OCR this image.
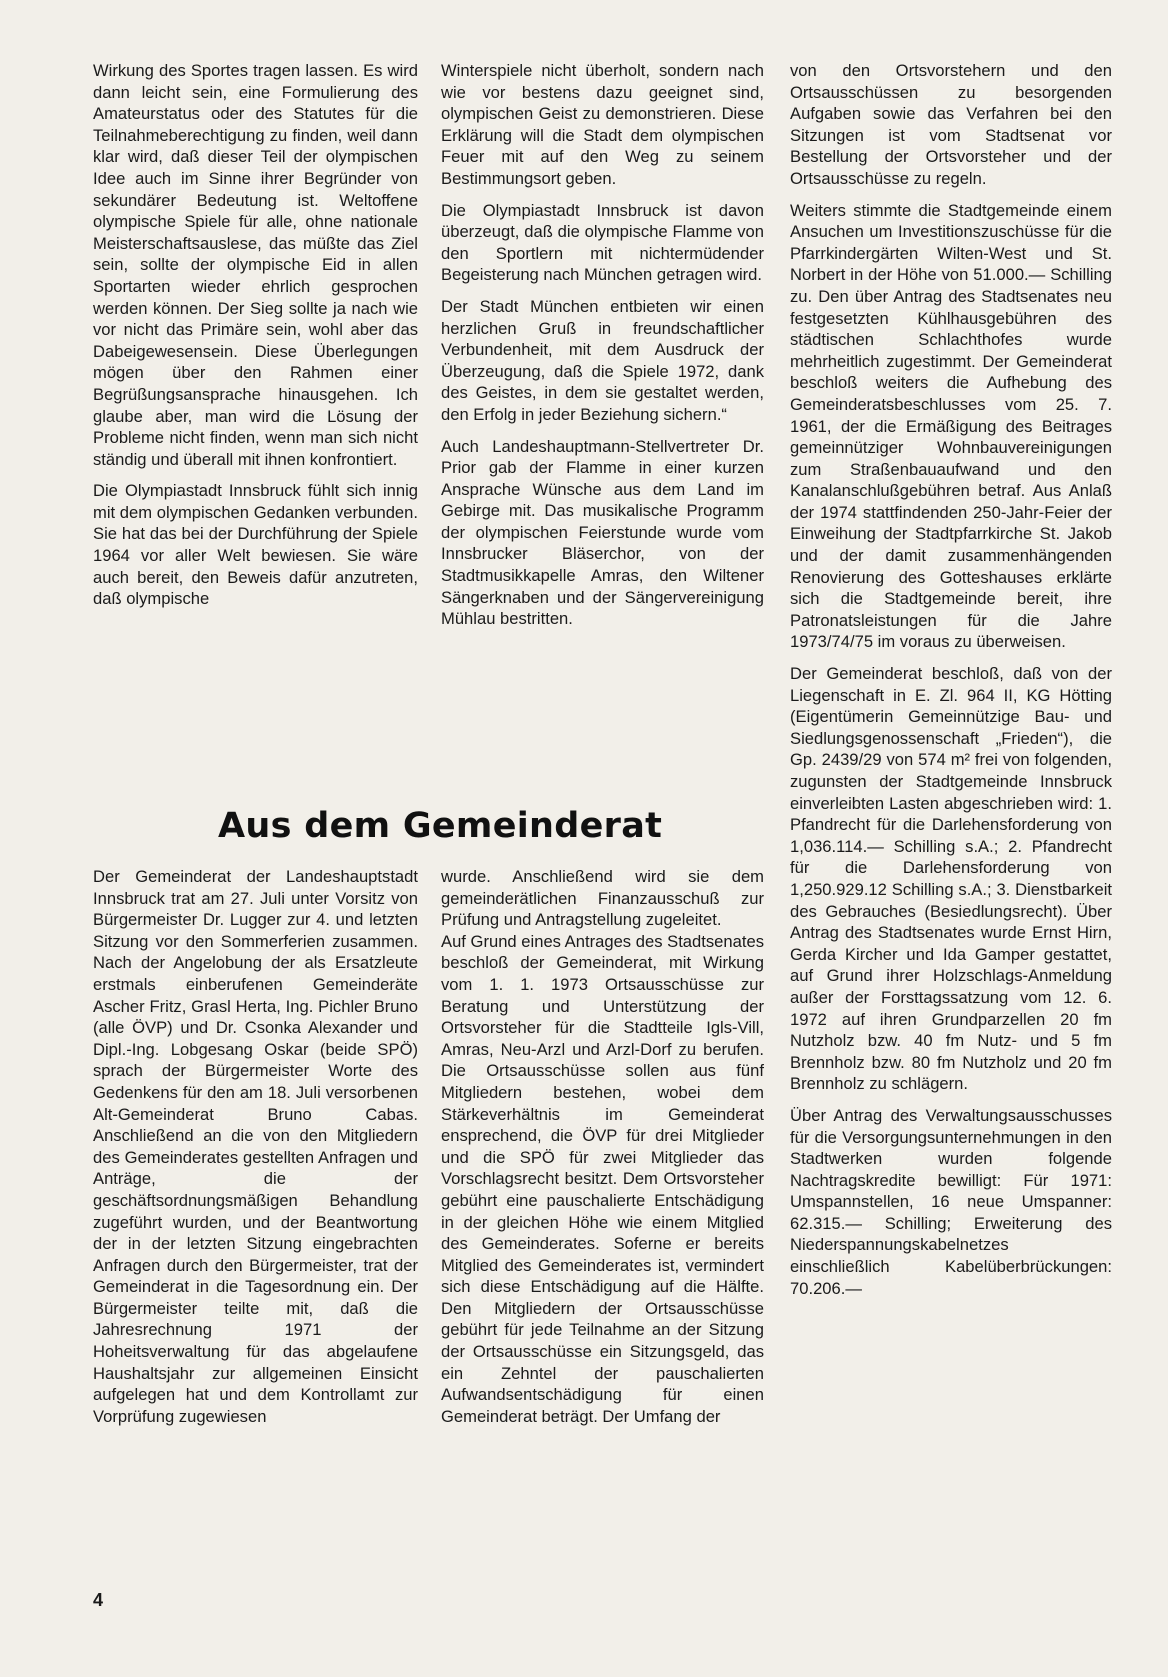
Wirkung des Sportes tragen lassen. Es wird dann leicht sein, eine Formulierung des Amateurstatus oder des Statutes für die Teilnahmeberechtigung zu finden, weil dann klar wird, daß dieser Teil der olympischen Idee auch im Sinne ihrer Begründer von sekundärer Bedeutung ist. Weltoffene olympische Spiele für alle, ohne nationale Meisterschaftsauslese, das müßte das Ziel sein, sollte der olympische Eid in allen Sportarten wieder ehrlich gesprochen werden können. Der Sieg sollte ja nach wie vor nicht das Primäre sein, wohl aber das Dabeigewesensein. Diese Überlegungen mögen über den Rahmen einer Begrüßungsansprache hinausgehen. Ich glaube aber, man wird die Lösung der Probleme nicht finden, wenn man sich nicht ständig und überall mit ihnen konfrontiert.

Die Olympiastadt Innsbruck fühlt sich innig mit dem olympischen Gedanken verbunden. Sie hat das bei der Durchführung der Spiele 1964 vor aller Welt bewiesen. Sie wäre auch bereit, den Beweis dafür anzutreten, daß olympische

Winterspiele nicht überholt, sondern nach wie vor bestens dazu geeignet sind, olympischen Geist zu demonstrieren. Diese Erklärung will die Stadt dem olympischen Feuer mit auf den Weg zu seinem Bestimmungsort geben.

Die Olympiastadt Innsbruck ist davon überzeugt, daß die olympische Flamme von den Sportlern mit nichtermüdender Begeisterung nach München getragen wird.

Der Stadt München entbieten wir einen herzlichen Gruß in freundschaftlicher Verbundenheit, mit dem Ausdruck der Überzeugung, daß die Spiele 1972, dank des Geistes, in dem sie gestaltet werden, den Erfolg in jeder Beziehung sichern.“

Auch Landeshauptmann-Stellvertreter Dr. Prior gab der Flamme in einer kurzen Ansprache Wünsche aus dem Land im Gebirge mit. Das musikalische Programm der olympischen Feierstunde wurde vom Innsbrucker Bläserchor, von der Stadtmusikkapelle Amras, den Wiltener Sängerknaben und der Sängervereinigung Mühlau bestritten.

von den Ortsvorstehern und den Ortsausschüssen zu besorgenden Aufgaben sowie das Verfahren bei den Sitzungen ist vom Stadtsenat vor Bestellung der Ortsvorsteher und der Ortsausschüsse zu regeln.

Weiters stimmte die Stadtgemeinde einem Ansuchen um Investitionszuschüsse für die Pfarrkindergärten Wilten-West und St. Norbert in der Höhe von 51.000.— Schilling zu. Den über Antrag des Stadtsenates neu festgesetzten Kühlhausgebühren des städtischen Schlachthofes wurde mehrheitlich zugestimmt. Der Gemeinderat beschloß weiters die Aufhebung des Gemeinderatsbeschlusses vom 25. 7. 1961, der die Ermäßigung des Beitrages gemeinnütziger Wohnbauvereinigungen zum Straßenbauaufwand und den Kanalanschlußgebühren betraf. Aus Anlaß der 1974 stattfindenden 250-Jahr-Feier der Einweihung der Stadtpfarrkirche St. Jakob und der damit zusammenhängenden Renovierung des Gotteshauses erklärte sich die Stadtgemeinde bereit, ihre Patronatsleistungen für die Jahre 1973/74/75 im voraus zu überweisen.

Der Gemeinderat beschloß, daß von der Liegenschaft in E. Zl. 964 II, KG Hötting (Eigentümerin Gemeinnützige Bau- und Siedlungsgenossenschaft „Frieden“), die Gp. 2439/29 von 574 m² frei von folgenden, zugunsten der Stadtgemeinde Innsbruck einverleibten Lasten abgeschrieben wird: 1. Pfandrecht für die Darlehensforderung von 1,036.114.— Schilling s.A.; 2. Pfandrecht für die Darlehensforderung von 1,250.929.12 Schilling s.A.; 3. Dienstbarkeit des Gebrauches (Besiedlungsrecht). Über Antrag des Stadtsenates wurde Ernst Hirn, Gerda Kircher und Ida Gamper gestattet, auf Grund ihrer Holzschlags-Anmeldung außer der Forsttagssatzung vom 12. 6. 1972 auf ihren Grundparzellen 20 fm Nutzholz bzw. 40 fm Nutz- und 5 fm Brennholz bzw. 80 fm Nutzholz und 20 fm Brennholz zu schlägern.

Über Antrag des Verwaltungsausschusses für die Versorgungsunternehmungen in den Stadtwerken wurden folgende Nachtragskredite bewilligt: Für 1971: Umspannstellen, 16 neue Umspanner: 62.315.— Schilling; Erweiterung des Niederspannungskabelnetzes einschließlich Kabelüberbrückungen: 70.206.—

Aus dem Gemeinderat

Der Gemeinderat der Landeshauptstadt Innsbruck trat am 27. Juli unter Vorsitz von Bürgermeister Dr. Lugger zur 4. und letzten Sitzung vor den Sommerferien zusammen. Nach der Angelobung der als Ersatzleute erstmals einberufenen Gemeinderäte Ascher Fritz, Grasl Herta, Ing. Pichler Bruno (alle ÖVP) und Dr. Csonka Alexander und Dipl.-Ing. Lobgesang Oskar (beide SPÖ) sprach der Bürgermeister Worte des Gedenkens für den am 18. Juli versorbenen Alt-Gemeinderat Bruno Cabas. Anschließend an die von den Mitgliedern des Gemeinderates gestellten Anfragen und Anträge, die der geschäftsordnungsmäßigen Behandlung zugeführt wurden, und der Beantwortung der in der letzten Sitzung eingebrachten Anfragen durch den Bürgermeister, trat der Gemeinderat in die Tagesordnung ein. Der Bürgermeister teilte mit, daß die Jahresrechnung 1971 der Hoheitsverwaltung für das abgelaufene Haushaltsjahr zur allgemeinen Einsicht aufgelegen hat und dem Kontrollamt zur Vorprüfung zugewiesen

wurde. Anschließend wird sie dem gemeinderätlichen Finanzausschuß zur Prüfung und Antragstellung zugeleitet.

Auf Grund eines Antrages des Stadtsenates beschloß der Gemeinderat, mit Wirkung vom 1. 1. 1973 Ortsausschüsse zur Beratung und Unterstützung der Ortsvorsteher für die Stadtteile Igls-Vill, Amras, Neu-Arzl und Arzl-Dorf zu berufen. Die Ortsausschüsse sollen aus fünf Mitgliedern bestehen, wobei dem Stärkeverhältnis im Gemeinderat ensprechend, die ÖVP für drei Mitglieder und die SPÖ für zwei Mitglieder das Vorschlagsrecht besitzt. Dem Ortsvorsteher gebührt eine pauschalierte Entschädigung in der gleichen Höhe wie einem Mitglied des Gemeinderates. Soferne er bereits Mitglied des Gemeinderates ist, vermindert sich diese Entschädigung auf die Hälfte. Den Mitgliedern der Ortsausschüsse gebührt für jede Teilnahme an der Sitzung der Ortsausschüsse ein Sitzungsgeld, das ein Zehntel der pauschalierten Aufwandsentschädigung für einen Gemeinderat beträgt. Der Umfang der

4
